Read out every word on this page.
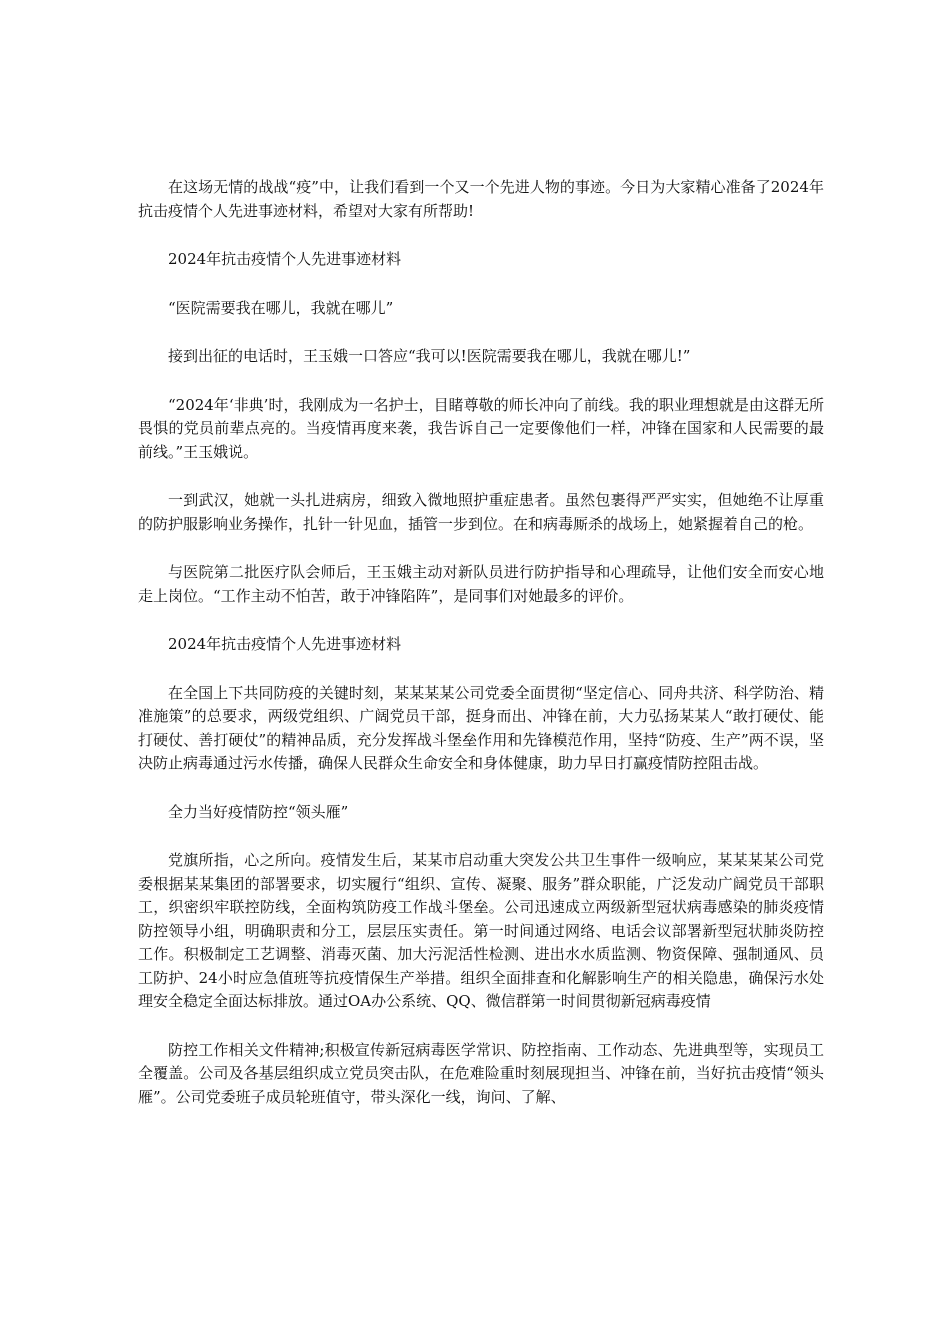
在这场无情的战战“疫”中，让我们看到一个又一个先进人物的事迹。今日为大家精心准备了2024年抗击疫情个人先进事迹材料，希望对大家有所帮助!

2024年抗击疫情个人先进事迹材料

“医院需要我在哪儿，我就在哪儿”

接到出征的电话时，王玉娥一口答应“我可以!医院需要我在哪儿，我就在哪儿!”

“2024年‘非典’时，我刚成为一名护士，目睹尊敬的师长冲向了前线。我的职业理想就是由这群无所畏惧的党员前辈点亮的。当疫情再度来袭，我告诉自己一定要像他们一样，冲锋在国家和人民需要的最前线。”王玉娥说。

一到武汉，她就一头扎进病房，细致入微地照护重症患者。虽然包裹得严严实实，但她绝不让厚重的防护服影响业务操作，扎针一针见血，插管一步到位。在和病毒厮杀的战场上，她紧握着自己的枪。

与医院第二批医疗队会师后，王玉娥主动对新队员进行防护指导和心理疏导，让他们安全而安心地走上岗位。“工作主动不怕苦，敢于冲锋陷阵”，是同事们对她最多的评价。

2024年抗击疫情个人先进事迹材料

在全国上下共同防疫的关键时刻，某某某某公司党委全面贯彻“坚定信心、同舟共济、科学防治、精准施策”的总要求，两级党组织、广阔党员干部，挺身而出、冲锋在前，大力弘扬某某人“敢打硬仗、能打硬仗、善打硬仗”的精神品质，充分发挥战斗堡垒作用和先锋模范作用，坚持“防疫、生产”两不误，坚决防止病毒通过污水传播，确保人民群众生命安全和身体健康，助力早日打赢疫情防控阻击战。

全力当好疫情防控“领头雁”

党旗所指，心之所向。疫情发生后，某某市启动重大突发公共卫生事件一级响应，某某某某公司党委根据某某集团的部署要求，切实履行“组织、宣传、凝聚、服务”群众职能，广泛发动广阔党员干部职工，织密织牢联控防线，全面构筑防疫工作战斗堡垒。公司迅速成立两级新型冠状病毒感染的肺炎疫情防控领导小组，明确职责和分工，层层压实责任。第一时间通过网络、电话会议部署新型冠状肺炎防控工作。积极制定工艺调整、消毒灭菌、加大污泥活性检测、进出水水质监测、物资保障、强制通风、员工防护、24小时应急值班等抗疫情保生产举措。组织全面排查和化解影响生产的相关隐患，确保污水处理安全稳定全面达标排放。通过OA办公系统、QQ、微信群第一时间贯彻新冠病毒疫情

防控工作相关文件精神;积极宣传新冠病毒医学常识、防控指南、工作动态、先进典型等，实现员工全覆盖。公司及各基层组织成立党员突击队，在危难险重时刻展现担当、冲锋在前，当好抗击疫情“领头雁”。公司党委班子成员轮班值守，带头深化一线，询问、了解、
